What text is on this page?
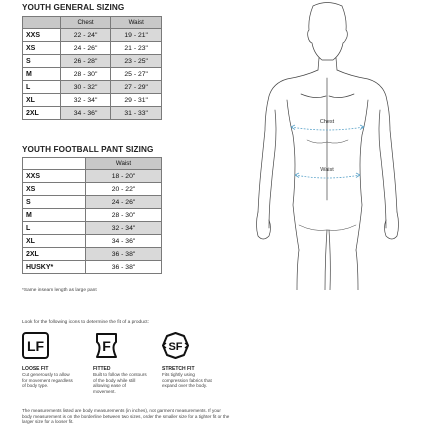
YOUTH GENERAL SIZING
	Chest	Waist
XXS	22 - 24"	19 - 21"
XS	24 - 26"	21 - 23"
S	26 - 28"	23 - 25"
M	28 - 30"	25 - 27"
L	30 - 32"	27 - 29"
XL	32 - 34"	29 - 31"
2XL	34 - 36"	31 - 33"
YOUTH FOOTBALL PANT SIZING
	Waist
XXS	18 - 20"
XS	20 - 22"
S	24 - 26"
M	28 - 30"
L	32 - 34"
XL	34 - 36"
2XL	36 - 38"
HUSKY*	36 - 38"
*Same inseam length as large pant
Look for the following icons to determine the fit of a product:
LF
LOOSE FIT
Cut generously to allow for movement regardless of body type.
F
FITTED
Built to follow the contours of the body while still allowing ease of movement.
SF
STRETCH FIT
Fits tightly using compression fabrics that expand over the body.
The measurements listed are body measurements (in inches), not garment measurements. If your body measurement is on the borderline between two sizes, order the smaller size for a tighter fit or the larger size for a looser fit.
Chest
Waist
